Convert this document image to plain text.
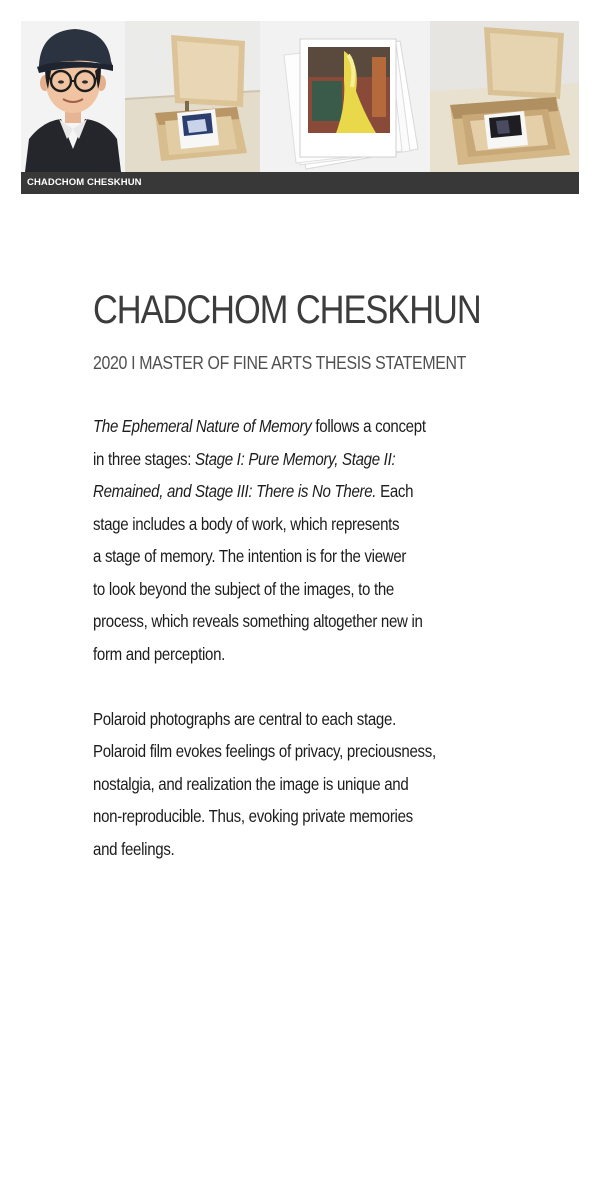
CHADCHOM CHESKHUN
CHADCHOM CHESKHUN
2020 I MASTER OF FINE ARTS THESIS STATEMENT
The Ephemeral Nature of Memory follows a concept
in three stages: Stage I: Pure Memory, Stage II:
Remained, and Stage III: There is No There. Each
stage includes a body of work, which represents
a stage of memory. The intention is for the viewer
to look beyond the subject of the images, to the
process, which reveals something altogether new in
form and perception.
Polaroid photographs are central to each stage.
Polaroid film evokes feelings of privacy, preciousness,
nostalgia, and realization the image is unique and
non-reproducible. Thus, evoking private memories
and feelings.
